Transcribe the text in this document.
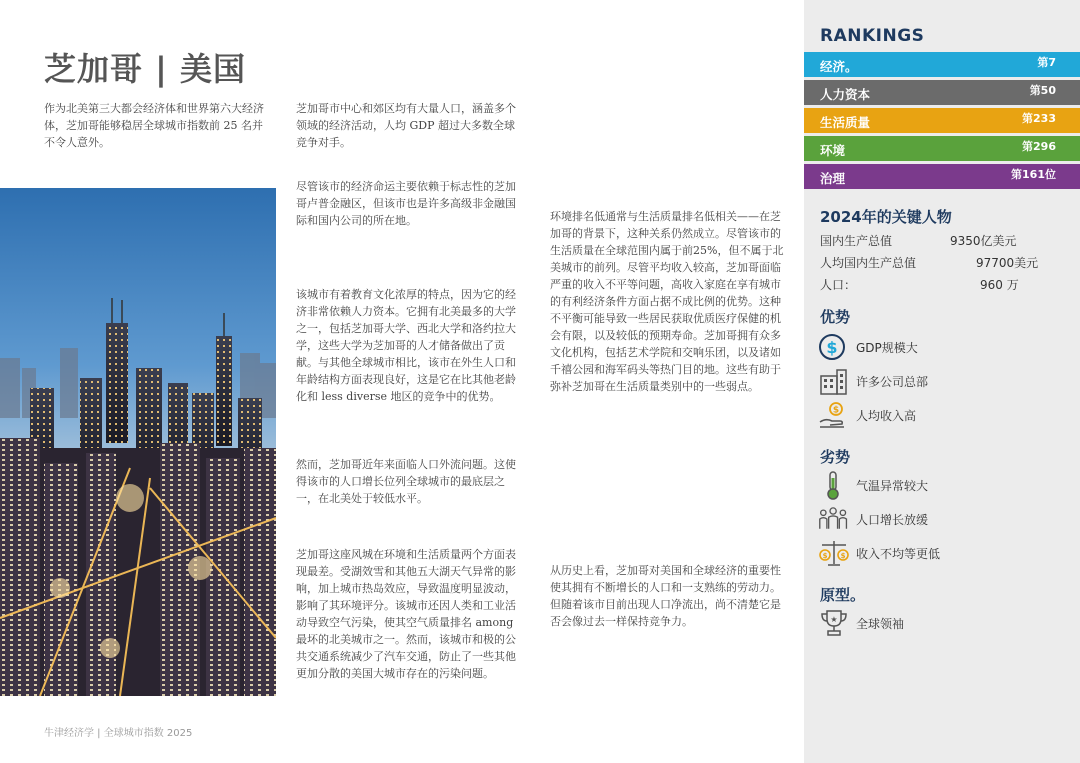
芝加哥 | 美国

作为北美第三大都会经济体和世界第六大经济体，芝加哥能够稳居全球城市指数前 25 名并不令人意外。

芝加哥市中心和郊区均有大量人口，涵盖多个领域的经济活动，人均 GDP 超过大多数全球竞争对手。

尽管该市的经济命运主要依赖于标志性的芝加哥卢普金融区，但该市也是许多高级非金融国际和国内公司的所在地。

该城市有着教育文化浓厚的特点，因为它的经济非常依赖人力资本。它拥有北美最多的大学之一，包括芝加哥大学、西北大学和洛约拉大学，这些大学为芝加哥的人才储备做出了贡献。与其他全球城市相比，该市在外生人口和年龄结构方面表现良好，这是它在比其他老龄化和 less diverse 地区的竞争中的优势。

然而，芝加哥近年来面临人口外流问题。这使得该市的人口增长位列全球城市的最底层之一，在北美处于较低水平。

芝加哥这座风城在环境和生活质量两个方面表现最差。受湖效雪和其他五大湖天气异常的影响，加上城市热岛效应，导致温度明显波动，影响了其环境评分。该城市还因人类和工业活动导致空气污染，使其空气质量排名 among 最坏的北美城市之一。然而，该城市和极的公共交通系统减少了汽车交通，防止了一些其他更加分散的美国大城市存在的污染问题。

环境排名低通常与生活质量排名低相关——在芝加哥的背景下，这种关系仍然成立。尽管该市的生活质量在全球范围内属于前25%，但不属于北美城市的前列。尽管平均收入较高，芝加哥面临严重的收入不平等问题，高收入家庭在享有城市的有利经济条件方面占据不成比例的优势。这种不平衡可能导致一些居民获取优质医疗保健的机会有限，以及较低的预期寿命。芝加哥拥有众多文化机构，包括艺术学院和交响乐团，以及诸如千禧公园和海军码头等热门目的地。这些有助于弥补芝加哥在生活质量类别中的一些弱点。

从历史上看，芝加哥对美国和全球经济的重要性使其拥有不断增长的人口和一支熟练的劳动力。但随着该市目前出现人口净流出，尚不清楚它是否会像过去一样保持竞争力。

牛津经济学 | 全球城市指数 2025
RANKINGS
经济。	第7
人力资本	第50
生活质量	第233
环境	第296
治理	第161位
2024年的关键人物
国内生产总值	9350亿美元
人均国内生产总值	97700美元
人口：	960 万
优势
$ GDP规模大
许多公司总部
$ 人均收入高
劣势
气温异常较大
人口增长放缓
$ $ 收入不均等更低
原型。
★ 全球领袖
